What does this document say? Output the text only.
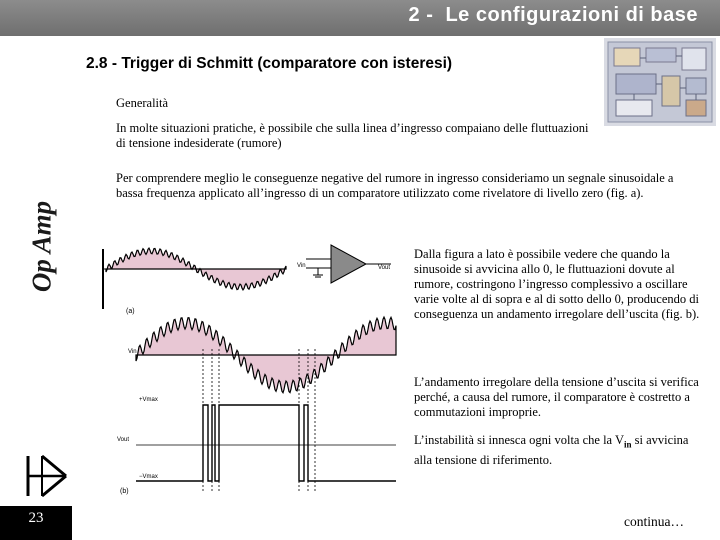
2 -  Le configurazioni di base
Op Amp
23
2.8 - Trigger di Schmitt (comparatore con isteresi)
Generalità
In molte situazioni pratiche, è possibile che sulla linea d’ingresso compaiano delle fluttuazioni di tensione indesiderate (rumore)
Per comprendere meglio le conseguenze negative del rumore in ingresso consideriamo un segnale sinusoidale a bassa frequenza applicato all’ingresso di un comparatore utilizzato come rivelatore di livello zero (fig. a).
(a)
Vin	Vout
Vin
+Vmax
Vout
−Vmax
(b)
Dalla figura a lato è possibile vedere che quando la sinusoide si avvicina allo 0, le fluttuazioni dovute al rumore, costringono l’ingresso complessivo a oscillare varie volte al di sopra e al di sotto dello 0, producendo di conseguenza un andamento irregolare dell’uscita (fig. b).
L’andamento irregolare della tensione d’uscita si verifica perché, a causa del rumore, il comparatore è costretto a commutazioni improprie.
L’instabilità si innesca ogni volta che la $V_{in}$ si avvicina alla tensione di riferimento.
continua…
